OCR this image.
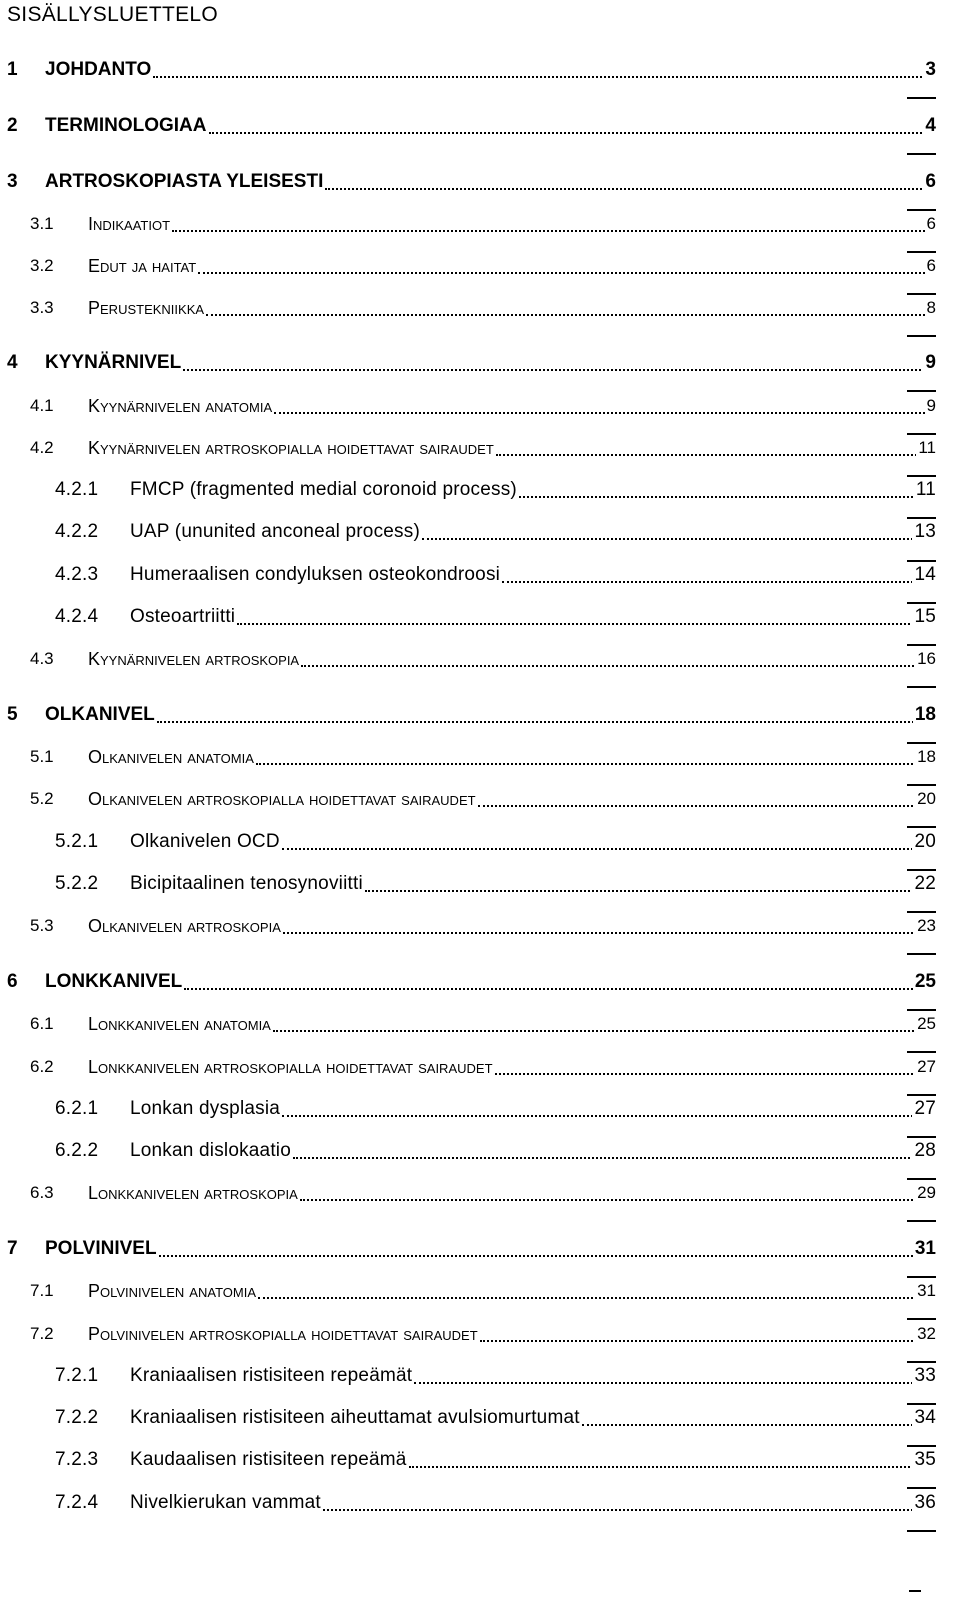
SISÄLLYSLUETTELO
1 JOHDANTO	3
2 TERMINOLOGIAA	4
3 ARTROSKOPIASTA YLEISESTI	6
3.1 Indikaatiot	6
3.2 Edut ja haitat	6
3.3 Perustekniikka	8
4 KYYNÄRNIVEL	9
4.1 Kyynärnivelen anatomia	9
4.2 Kyynärnivelen artroskopialla hoidettavat sairaudet	11
4.2.1 FMCP (fragmented medial coronoid process)	11
4.2.2 UAP (ununited anconeal process)	13
4.2.3 Humeraalisen condyluksen osteokondroosi	14
4.2.4 Osteoartriitti	15
4.3 Kyynärnivelen artroskopia	16
5 OLKANIVEL	18
5.1 Olkanivelen anatomia	18
5.2 Olkanivelen artroskopialla hoidettavat sairaudet	20
5.2.1 Olkanivelen OCD	20
5.2.2 Bicipitaalinen tenosynoviitti	22
5.3 Olkanivelen artroskopia	23
6 LONKKANIVEL	25
6.1 Lonkkanivelen anatomia	25
6.2 Lonkkanivelen artroskopialla hoidettavat sairaudet	27
6.2.1 Lonkan dysplasia	27
6.2.2 Lonkan dislokaatio	28
6.3 Lonkkanivelen artroskopia	29
7 POLVINIVEL	31
7.1 Polvinivelen anatomia	31
7.2 Polvinivelen artroskopialla hoidettavat sairaudet	32
7.2.1 Kraniaalisen ristisiteen repeämät	33
7.2.2 Kraniaalisen ristisiteen aiheuttamat avulsiomurtumat	34
7.2.3 Kaudaalisen ristisiteen repeämä	35
7.2.4 Nivelkierukan vammat	36
